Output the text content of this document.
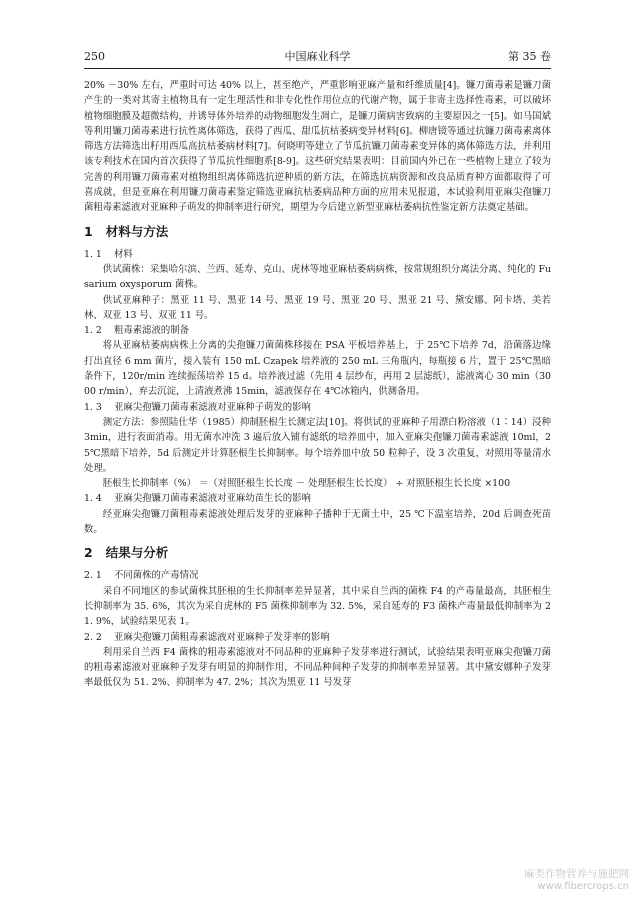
250	中国麻业科学	第 35 卷

20% －30% 左右，严重时可达 40% 以上，甚至绝产，严重影响亚麻产量和纤维质量[4]。镰刀菌毒素是镰刀菌产生的一类对其寄主植物具有一定生理活性和非专化性作用位点的代谢产物，属于非寄主选择性毒素，可以破坏植物细胞膜及超微结构，并诱导体外培养的动物细胞发生凋亡，是镰刀菌病害致病的主要原因之一[5]。如马国斌等利用镰刀菌毒素进行抗性离体筛选，获得了西瓜、甜瓜抗枯萎病变异材料[6]。柳唐镜等通过抗镰刀菌毒素离体筛选方法筛选出籽用西瓜高抗枯萎病材料[7]。何晓明等建立了节瓜抗镰刀菌毒素变异体的离体筛选方法，并利用该专利技术在国内首次获得了节瓜抗性细胞系[8-9]。这些研究结果表明：目前国内外已在一些植物上建立了较为完善的利用镰刀菌毒素对植物组织离体筛选抗逆种质的新方法，在筛选抗病资源和改良品质育种方面都取得了可喜成就，但是亚麻在利用镰刀菌毒素鉴定筛选亚麻抗枯萎病品种方面的应用未见报道，本试验利用亚麻尖孢镰刀菌粗毒素滤液对亚麻种子萌发的抑制率进行研究，期望为今后建立新型亚麻枯萎病抗性鉴定新方法奠定基础。

1 材料与方法
1. 1 材料

供试菌株：采集哈尔滨、兰西、延寿、克山、虎林等地亚麻枯萎病病株，按常规组织分离法分离、纯化的 Fusarium oxysporum 菌株。

供试亚麻种子：黑亚 11 号、黑亚 14 号、黑亚 19 号、黑亚 20 号、黑亚 21 号、黛安娜、阿卡塔、美若林、双亚 13 号、双亚 11 号。

1. 2 粗毒素滤液的制备

将从亚麻枯萎病病株上分离的尖孢镰刀菌菌株移接在 PSA 平板培养基上，于 25℃下培养 7d，沿菌落边缘打出直径 6 mm 菌片，接入装有 150 mL Czapek 培养液的 250 mL 三角瓶内，每瓶接 6 片，置于 25℃黑暗条件下，120r/min 连续振荡培养 15 d。培养液过滤（先用 4 层纱布，再用 2 层滤纸），滤液离心 30 min（3000 r/min），弃去沉淀，上清液煮沸 15min，滤液保存在 4℃冰箱内，供测备用。

1. 3 亚麻尖孢镰刀菌毒素滤液对亚麻种子萌发的影响

测定方法：参照陆仕华（1985）抑制胚根生长测定法[10]。将供试的亚麻种子用漂白粉溶液（1∶14）浸种 3min，进行表面消毒。用无菌水冲洗 3 遍后放入铺有滤纸的培养皿中，加入亚麻尖孢镰刀菌毒素滤液 10ml，25℃黑暗下培养，5d 后测定并计算胚根生长抑制率。每个培养皿中放 50 粒种子，设 3 次重复，对照用等量清水处理。

胚根生长抑制率（%） ＝（对照胚根生长长度 － 处理胚根生长长度） ÷ 对照胚根生长长度 ×100

1. 4 亚麻尖孢镰刀菌毒素滤液对亚麻幼苗生长的影响

经亚麻尖孢镰刀菌粗毒素滤液处理后发芽的亚麻种子播种于无菌土中，25 ℃下温室培养，20d 后调查死苗数。

2 结果与分析
2. 1 不同菌株的产毒情况

采自不同地区的参试菌株其胚根的生长抑制率差异显著，其中采自兰西的菌株 F4 的产毒量最高，其胚根生长抑制率为 35. 6%，其次为采自虎林的 F5 菌株抑制率为 32. 5%，采自延寿的 F3 菌株产毒量最低抑制率为 21. 9%，试验结果见表 1。

2. 2 亚麻尖孢镰刀菌粗毒素滤液对亚麻种子发芽率的影响

利用采自兰西 F4 菌株的粗毒素滤液对不同品种的亚麻种子发芽率进行测试，试验结果表明亚麻尖孢镰刀菌的粗毒素滤液对亚麻种子发芽有明显的抑制作用，不同品种间种子发芽的抑制率差异显著。其中黛安娜种子发芽率最低仅为 51. 2%、抑制率为 47. 2%；其次为黑亚 11 号发芽

麻类作物营养与施肥网
www.fibercrops.cn
